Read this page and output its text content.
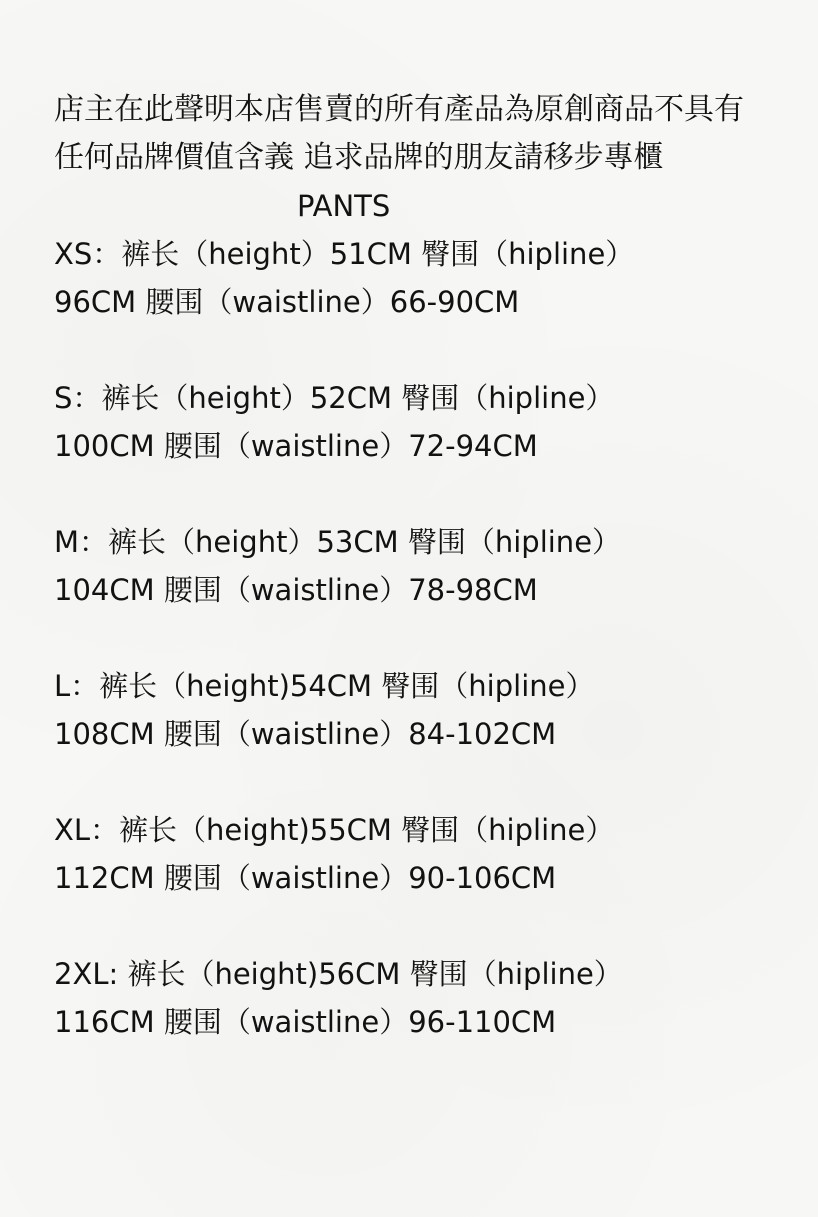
店主在此聲明本店售賣的所有產品為原創商品不具有任何品牌價值含義 追求品牌的朋友請移步專櫃

PANTS

XS：裤长（height）51CM 臀围（hipline）
96CM 腰围（waistline）66-90CM
S：裤长（height）52CM 臀围（hipline）
100CM 腰围（waistline）72-94CM
M：裤长（height）53CM 臀围（hipline）
104CM 腰围（waistline）78-98CM
L：裤长（height)54CM 臀围（hipline）
108CM 腰围（waistline）84-102CM
XL：裤长（height)55CM 臀围（hipline）
112CM 腰围（waistline）90-106CM
2XL: 裤长（height)56CM 臀围（hipline）
116CM 腰围（waistline）96-110CM
